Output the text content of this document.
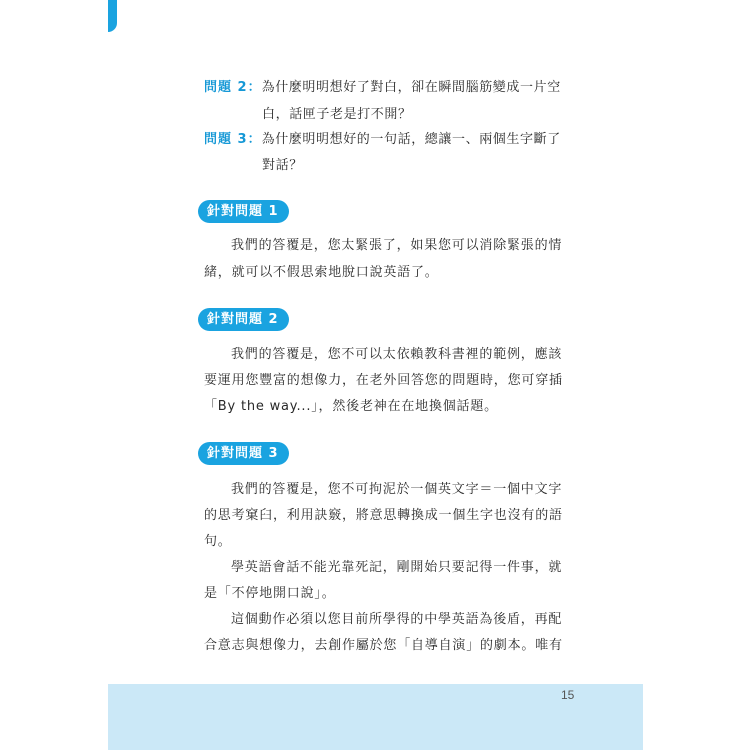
問題 2：為什麼明明想好了對白，卻在瞬間腦筋變成一片空
白，話匣子老是打不開？
問題 3：為什麼明明想好的一句話，總讓一、兩個生字斷了
對話？
針對問題 1
我們的答覆是，您太緊張了，如果您可以消除緊張的情
緒，就可以不假思索地脫口說英語了。
針對問題 2
我們的答覆是，您不可以太依賴教科書裡的範例，應該
要運用您豐富的想像力，在老外回答您的問題時，您可穿插
「By the way...」，然後老神在在地換個話題。
針對問題 3
我們的答覆是，您不可拘泥於一個英文字＝一個中文字
的思考窠臼，利用訣竅，將意思轉換成一個生字也沒有的語
句。
學英語會話不能光靠死記，剛開始只要記得一件事，就
是「不停地開口說」。
這個動作必須以您目前所學得的中學英語為後盾，再配
合意志與想像力，去創作屬於您「自導自演」的劇本。唯有
15
